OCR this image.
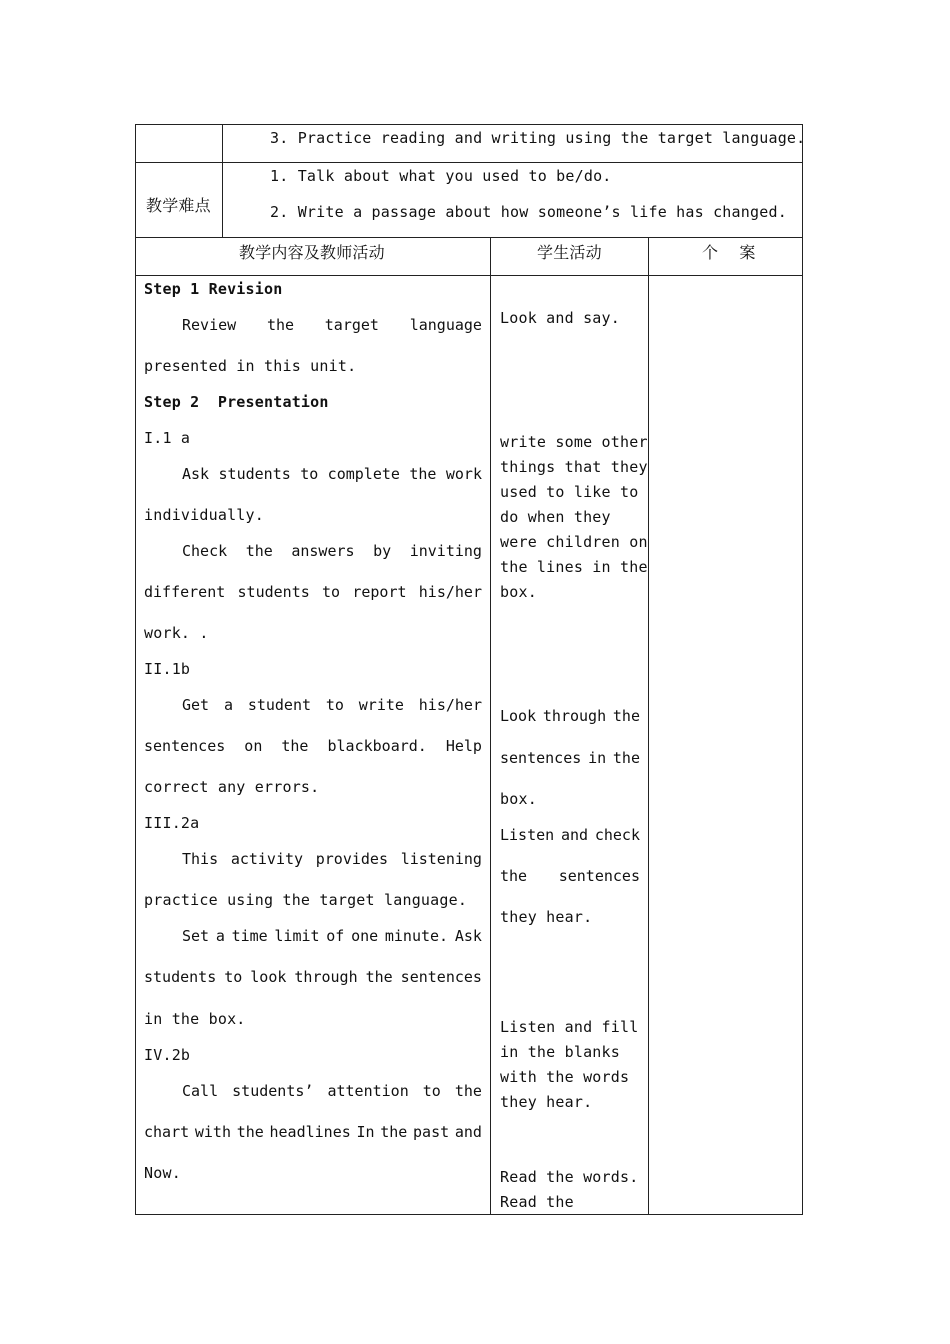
3. Practice reading and writing using the target language.
教学难点
1. Talk about what you used to be/do.
2. Write a passage about how someone’s life has changed.
教学内容及教师活动	学生活动	个    案
Step 1 Revision
Review the target language
presented in this unit.
Step 2  Presentation
I.1 a
Ask students to complete the work
individually.
Check the answers by inviting
different students to report his/her
work. .
II.1b
Get a student to write his/her
sentences on the blackboard. Help
correct any errors.
III.2a
This activity provides listening
practice using the target language.
Set a time limit of one minute. Ask
students to look through the sentences
in the box.
IV.2b
Call students’ attention to the
chart with the headlines In the past and
Now.
Look and say.
write some other
things that they
used to like to
do when they
were children on
the lines in the
box.
Look through the
sentences in the
box.
Listen and check
the sentences
they hear.
Listen and fill
in the blanks
with the words
they hear.
Read the words.
Read the
